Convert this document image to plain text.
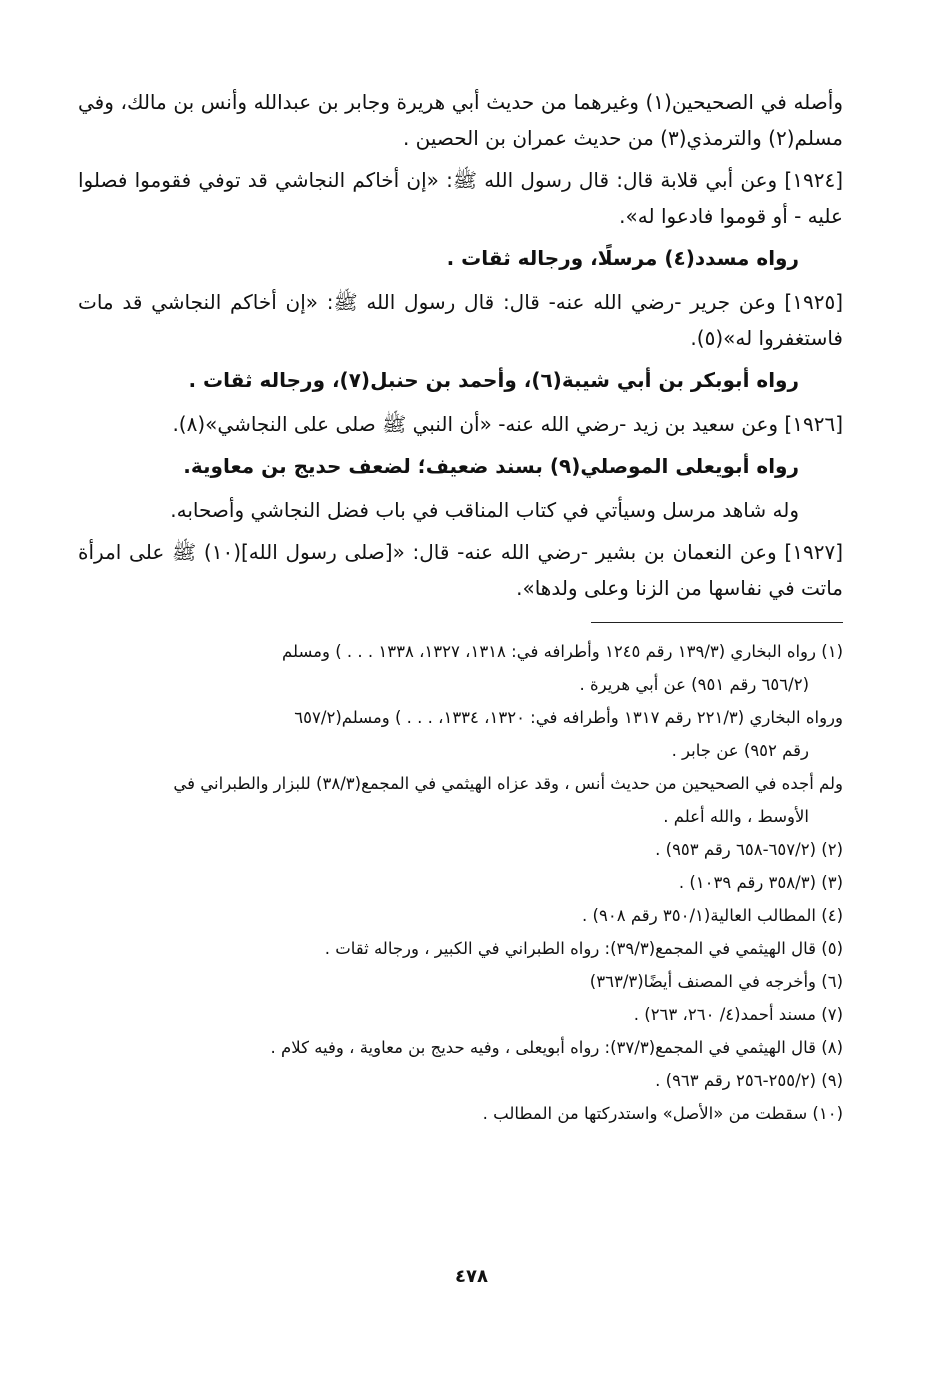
وأصله في الصحيحين(١) وغيرهما من حديث أبي هريرة وجابر بن عبدالله وأنس بن مالك، وفي مسلم(٢) والترمذي(٣) من حديث عمران بن الحصين .

[١٩٢٤] وعن أبي قلابة قال: قال رسول الله ﷺ: «إن أخاكم النجاشي قد توفي فقوموا فصلوا عليه - أو قوموا فادعوا له».

رواه مسدد(٤) مرسلًا، ورجاله ثقات .

[١٩٢٥] وعن جرير -رضي الله عنه- قال: قال رسول الله ﷺ: «إن أخاكم النجاشي قد مات فاستغفروا له»(٥).

رواه أبوبكر بن أبي شيبة(٦)، وأحمد بن حنبل(٧)، ورجاله ثقات .

[١٩٢٦] وعن سعيد بن زيد -رضي الله عنه- «أن النبي ﷺ صلى على النجاشي»(٨).

رواه أبويعلى الموصلي(٩) بسند ضعيف؛ لضعف حديج بن معاوية.

وله شاهد مرسل وسيأتي في كتاب المناقب في باب فضل النجاشي وأصحابه.

[١٩٢٧] وعن النعمان بن بشير -رضي الله عنه- قال: «[صلى رسول الله](١٠) ﷺ على امرأة ماتت في نفاسها من الزنا وعلى ولدها».

(١) رواه البخاري (١٣٩/٣ رقم ١٢٤٥ وأطرافه في: ١٣١٨، ١٣٢٧، ١٣٣٨ . . . ) ومسلم

(٦٥٦/٢ رقم ٩٥١) عن أبي هريرة .

ورواه البخاري (٢٢١/٣ رقم ١٣١٧ وأطرافه في: ١٣٢٠، ١٣٣٤، . . . ) ومسلم(٦٥٧/٢

رقم ٩٥٢) عن جابر .

ولم أجده في الصحيحين من حديث أنس ، وقد عزاه الهيثمي في المجمع(٣٨/٣) للبزار والطبراني في

الأوسط ، والله أعلم .

(٢) (٦٥٧/٢-٦٥٨ رقم ٩٥٣) .

(٣) (٣٥٨/٣ رقم ١٠٣٩) .

(٤) المطالب العالية(٣٥٠/١ رقم ٩٠٨) .

(٥) قال الهيثمي في المجمع(٣٩/٣): رواه الطبراني في الكبير ، ورجاله ثقات .

(٦) وأخرجه في المصنف أيضًا(٣٦٣/٣)

(٧) مسند أحمد(٤/ ٢٦٠، ٢٦٣) .

(٨) قال الهيثمي في المجمع(٣٧/٣): رواه أبويعلى ، وفيه حديج بن معاوية ، وفيه كلام .

(٩) (٢٥٥/٢-٢٥٦ رقم ٩٦٣) .

(١٠) سقطت من «الأصل» واستدركتها من المطالب .

٤٧٨
